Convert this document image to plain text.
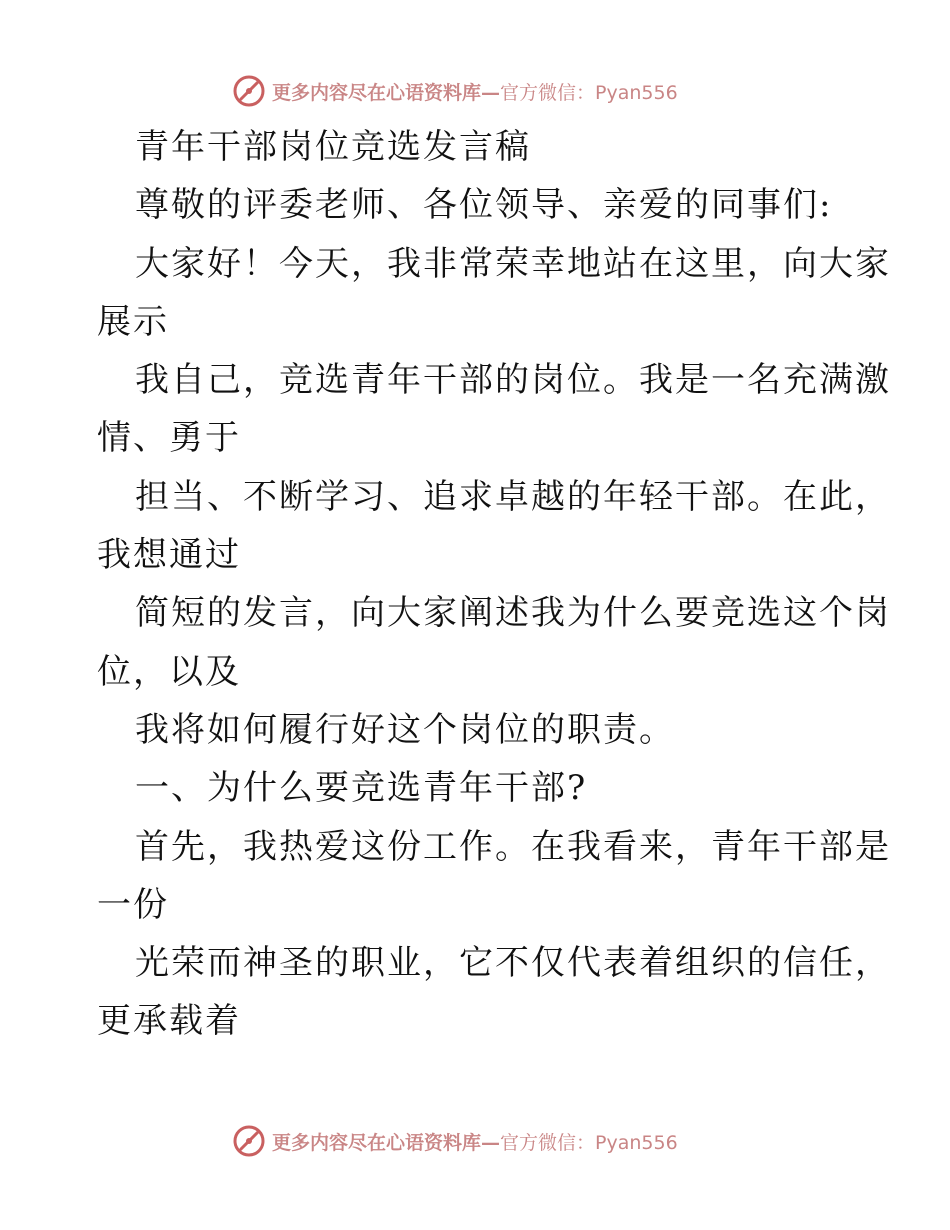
更多内容尽在心语资料库—官方微信：Pyan556
青年干部岗位竞选发言稿
尊敬的评委老师、各位领导、亲爱的同事们:
大家好！今天，我非常荣幸地站在这里，向大家
展示
我自己，竞选青年干部的岗位。我是一名充满激
情、勇于
担当、不断学习、追求卓越的年轻干部。在此，
我想通过
简短的发言，向大家阐述我为什么要竞选这个岗
位，以及
我将如何履行好这个岗位的职责。
一、为什么要竞选青年干部?
首先，我热爱这份工作。在我看来，青年干部是
一份
光荣而神圣的职业，它不仅代表着组织的信任，
更承载着
更多内容尽在心语资料库—官方微信：Pyan556
